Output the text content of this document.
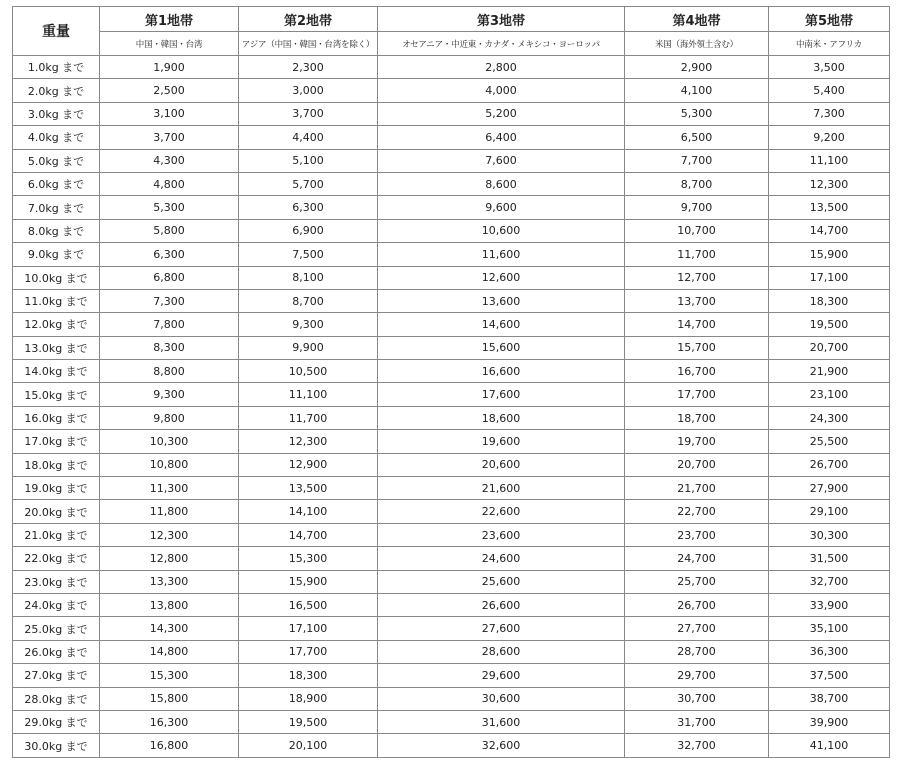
重量	第1地帯	第2地帯	第3地帯	第4地帯	第5地帯
	中国・韓国・台湾	アジア（中国・韓国・台湾を除く）	オセアニア・中近東・カナダ・メキシコ・ヨーロッパ	米国（海外領土含む）	中南米・アフリカ
1.0kg まで	1,900	2,300	2,800	2,900	3,500
2.0kg まで	2,500	3,000	4,000	4,100	5,400
3.0kg まで	3,100	3,700	5,200	5,300	7,300
4.0kg まで	3,700	4,400	6,400	6,500	9,200
5.0kg まで	4,300	5,100	7,600	7,700	11,100
6.0kg まで	4,800	5,700	8,600	8,700	12,300
7.0kg まで	5,300	6,300	9,600	9,700	13,500
8.0kg まで	5,800	6,900	10,600	10,700	14,700
9.0kg まで	6,300	7,500	11,600	11,700	15,900
10.0kg まで	6,800	8,100	12,600	12,700	17,100
11.0kg まで	7,300	8,700	13,600	13,700	18,300
12.0kg まで	7,800	9,300	14,600	14,700	19,500
13.0kg まで	8,300	9,900	15,600	15,700	20,700
14.0kg まで	8,800	10,500	16,600	16,700	21,900
15.0kg まで	9,300	11,100	17,600	17,700	23,100
16.0kg まで	9,800	11,700	18,600	18,700	24,300
17.0kg まで	10,300	12,300	19,600	19,700	25,500
18.0kg まで	10,800	12,900	20,600	20,700	26,700
19.0kg まで	11,300	13,500	21,600	21,700	27,900
20.0kg まで	11,800	14,100	22,600	22,700	29,100
21.0kg まで	12,300	14,700	23,600	23,700	30,300
22.0kg まで	12,800	15,300	24,600	24,700	31,500
23.0kg まで	13,300	15,900	25,600	25,700	32,700
24.0kg まで	13,800	16,500	26,600	26,700	33,900
25.0kg まで	14,300	17,100	27,600	27,700	35,100
26.0kg まで	14,800	17,700	28,600	28,700	36,300
27.0kg まで	15,300	18,300	29,600	29,700	37,500
28.0kg まで	15,800	18,900	30,600	30,700	38,700
29.0kg まで	16,300	19,500	31,600	31,700	39,900
30.0kg まで	16,800	20,100	32,600	32,700	41,100
